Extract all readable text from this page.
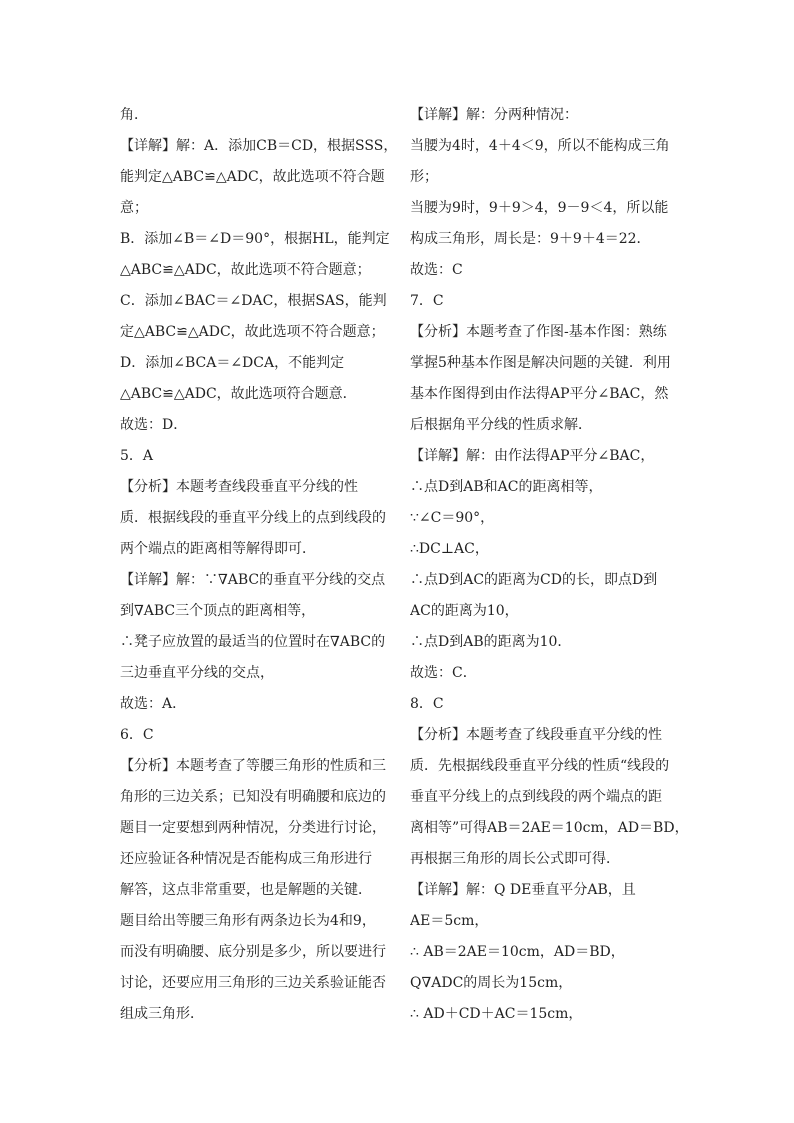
角．
【详解】解：A．添加CB＝CD，根据SSS，
能判定△ABC≌△ADC，故此选项不符合题
意；
B．添加∠B＝∠D＝90°，根据HL，能判定
△ABC≌△ADC，故此选项不符合题意；
C．添加∠BAC＝∠DAC，根据SAS，能判
定△ABC≌△ADC，故此选项不符合题意；
D．添加∠BCA＝∠DCA，不能判定
△ABC≌△ADC，故此选项符合题意．
故选：D．
5．A
【分析】本题考查线段垂直平分线的性
质．根据线段的垂直平分线上的点到线段的
两个端点的距离相等解得即可．
【详解】解：∵∇ABC的垂直平分线的交点
到∇ABC三个顶点的距离相等，
∴凳子应放置的最适当的位置时在∇ABC的
三边垂直平分线的交点，
故选：A．
6．C
【分析】本题考查了等腰三角形的性质和三
角形的三边关系；已知没有明确腰和底边的
题目一定要想到两种情况，分类进行讨论，
还应验证各种情况是否能构成三角形进行
解答，这点非常重要，也是解题的关键．
题目给出等腰三角形有两条边长为4和9，
而没有明确腰、底分别是多少，所以要进行
讨论，还要应用三角形的三边关系验证能否
组成三角形．
【详解】解：分两种情况：
当腰为4时，4＋4＜9，所以不能构成三角
形；
当腰为9时，9＋9＞4，9－9＜4，所以能
构成三角形，周长是：9＋9＋4＝22．
故选：C
7．C
【分析】本题考查了作图-基本作图：熟练
掌握5种基本作图是解决问题的关键．利用
基本作图得到由作法得AP平分∠BAC，然
后根据角平分线的性质求解．
【详解】解：由作法得AP平分∠BAC，
∴点D到AB和AC的距离相等，
∵∠C＝90°，
∴DC⊥AC，
∴点D到AC的距离为CD的长，即点D到
AC的距离为10，
∴点D到AB的距离为10．
故选：C．
8．C
【分析】本题考查了线段垂直平分线的性
质．先根据线段垂直平分线的性质“线段的
垂直平分线上的点到线段的两个端点的距
离相等”可得AB＝2AE＝10cm，AD＝BD，
再根据三角形的周长公式即可得．
【详解】解：Q DE垂直平分AB，且
AE＝5cm，
∴ AB＝2AE＝10cm，AD＝BD，
Q∇ADC的周长为15cm，
∴ AD＋CD＋AC＝15cm，
